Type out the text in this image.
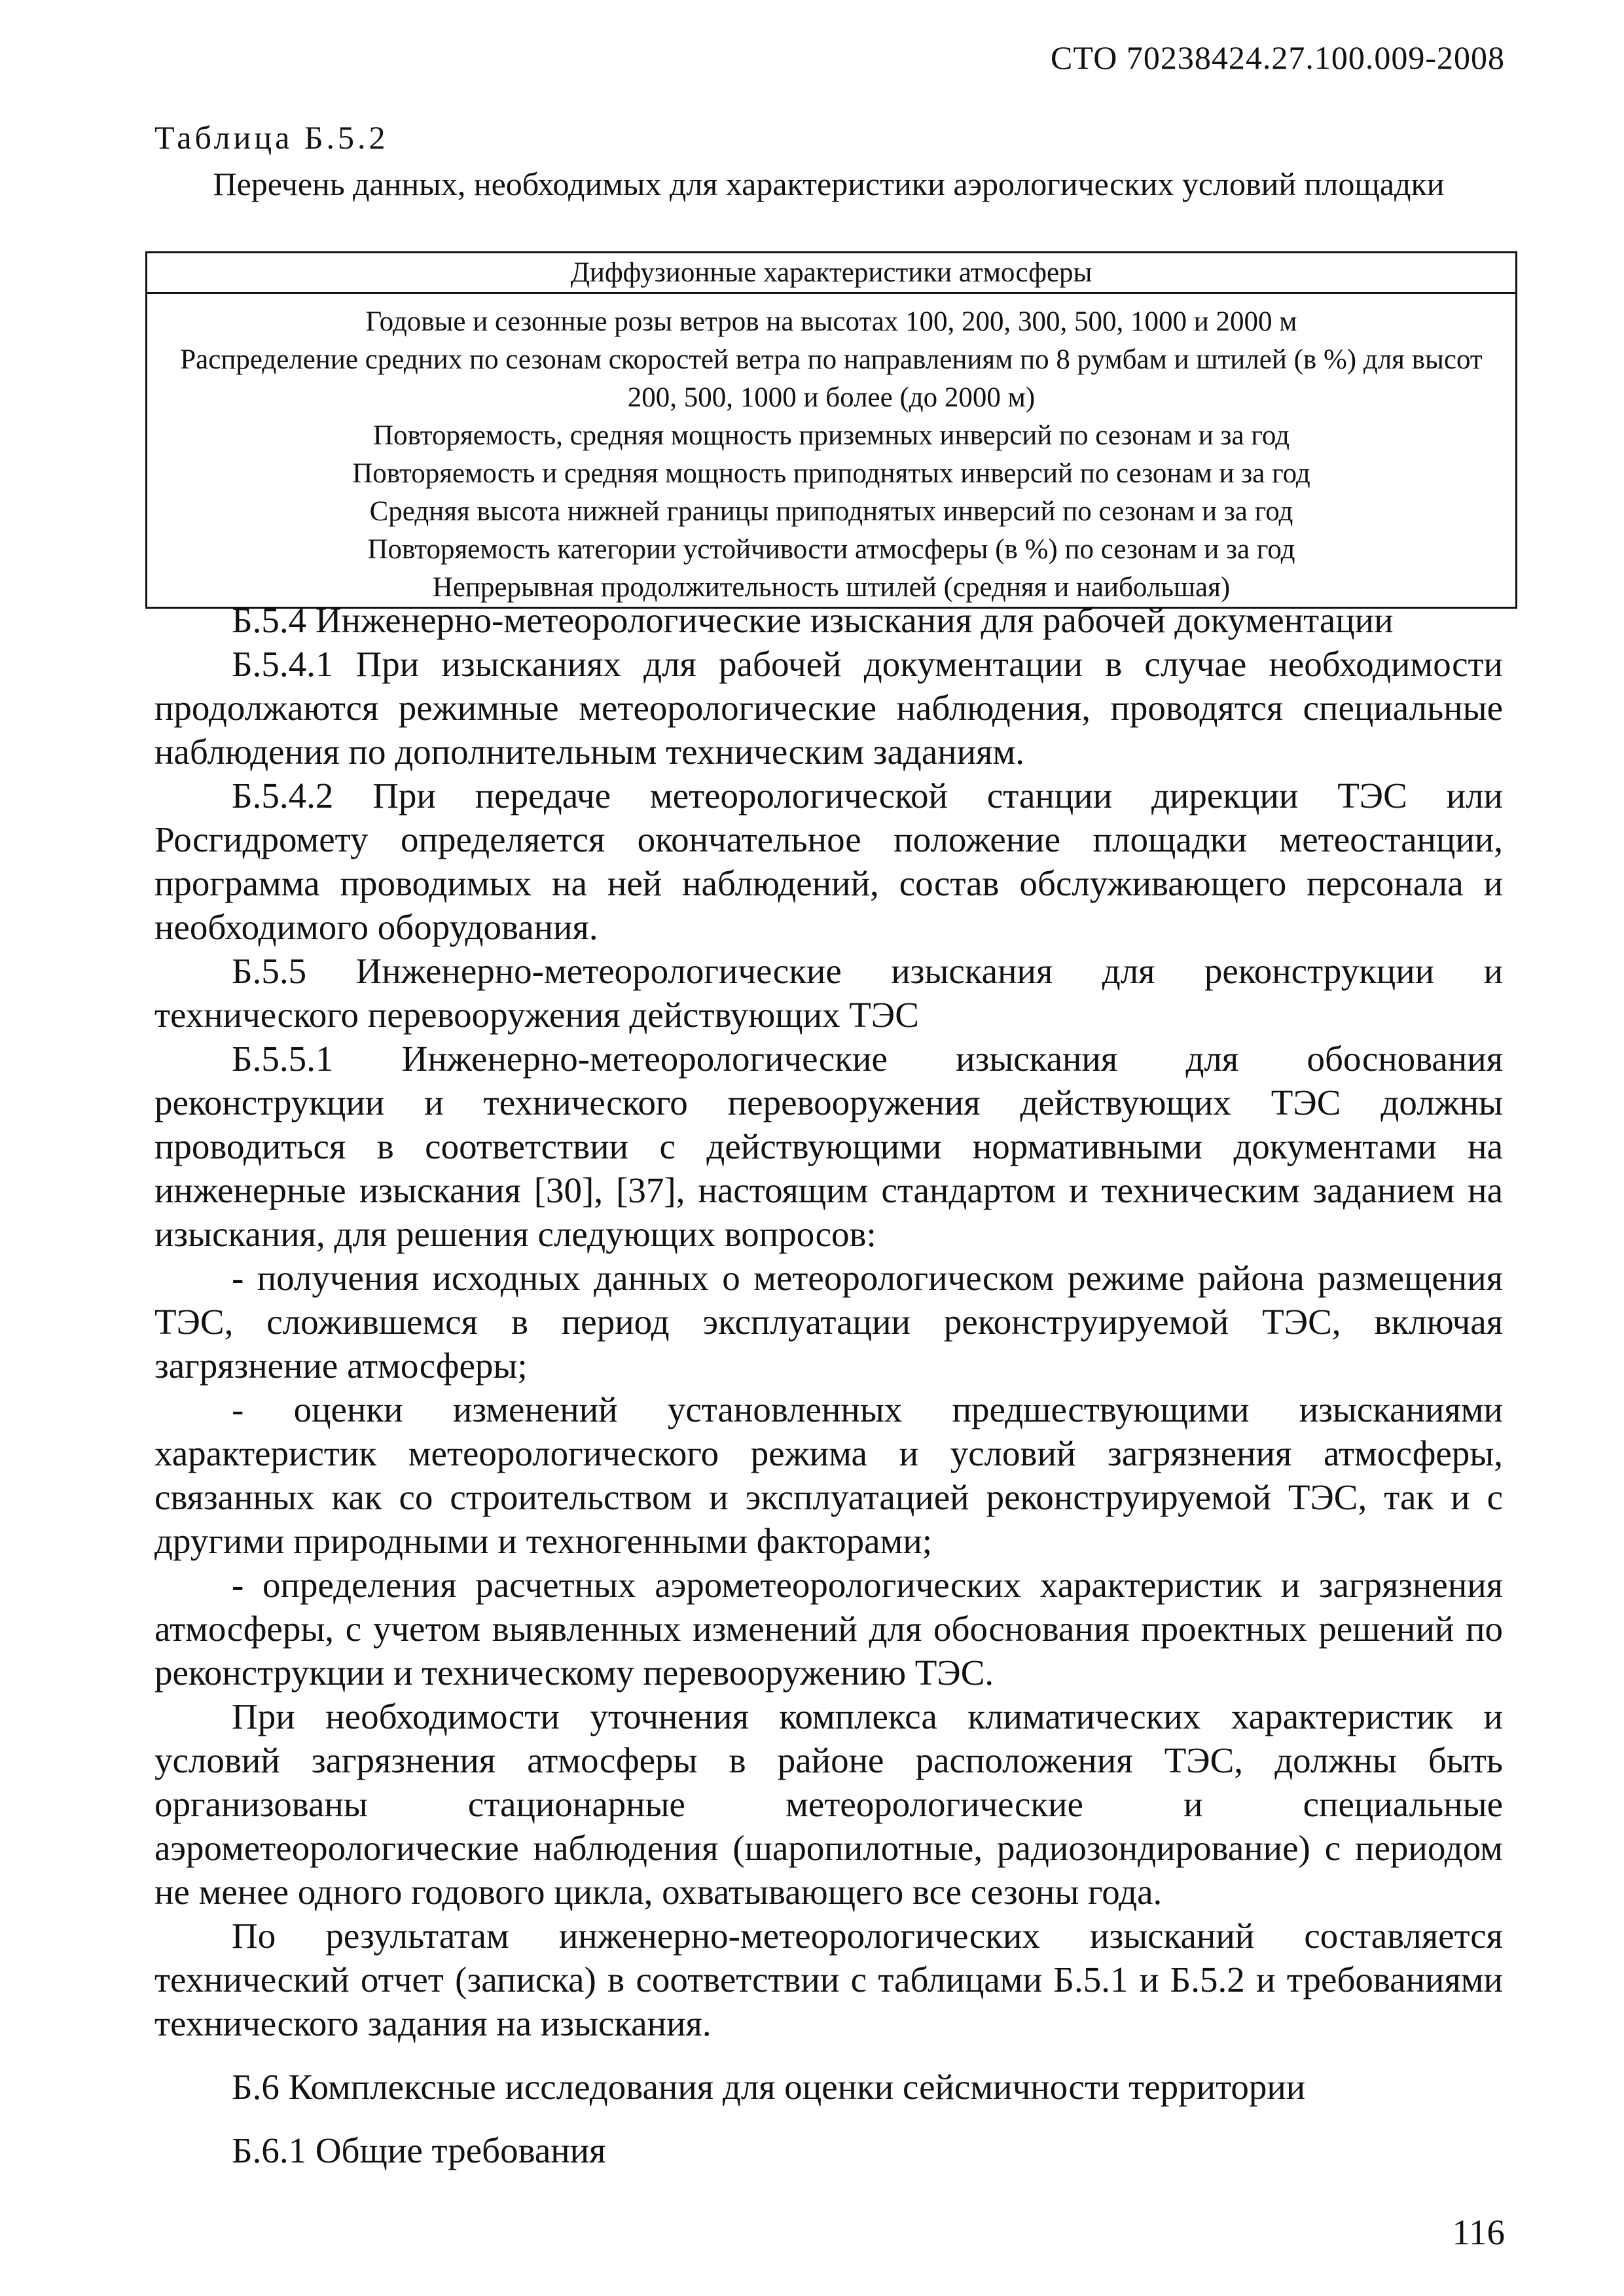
СТО 70238424.27.100.009-2008
Таблица Б.5.2
Перечень данных, необходимых для характеристики аэрологических условий площадки
Диффузионные характеристики атмосферы
Годовые и сезонные розы ветров на высотах 100, 200, 300, 500, 1000 и 2000 м
Распределение средних по сезонам скоростей ветра по направлениям по 8 румбам и штилей (в %) для высот 200, 500, 1000 и более (до 2000 м)
Повторяемость, средняя мощность приземных инверсий по сезонам и за год
Повторяемость и средняя мощность приподнятых инверсий по сезонам и за год
Средняя высота нижней границы приподнятых инверсий по сезонам и за год
Повторяемость категории устойчивости атмосферы (в %) по сезонам и за год
Непрерывная продолжительность штилей (средняя и наибольшая)

Б.5.4 Инженерно-метеорологические изыскания для рабочей документации

Б.5.4.1 При изысканиях для рабочей документации в случае необходимости продолжаются режимные метеорологические наблюдения, проводятся специальные наблюдения по дополнительным техническим заданиям.

Б.5.4.2 При передаче метеорологической станции дирекции ТЭС или Росгидромету определяется окончательное положение площадки метеостанции, программа проводимых на ней наблюдений, состав обслуживающего персонала и необходимого оборудования.

Б.5.5 Инженерно-метеорологические изыскания для реконструкции и технического перевооружения действующих ТЭС

Б.5.5.1 Инженерно-метеорологические изыскания для обоснования реконструкции и технического перевооружения действующих ТЭС должны проводиться в соответствии с действующими нормативными документами на инженерные изыскания [30], [37], настоящим стандартом и техническим заданием на изыскания, для решения следующих вопросов:

- получения исходных данных о метеорологическом режиме района размещения ТЭС, сложившемся в период эксплуатации реконструируемой ТЭС, включая загрязнение атмосферы;

- оценки изменений установленных предшествующими изысканиями характеристик метеорологического режима и условий загрязнения атмосферы, связанных как со строительством и эксплуатацией реконструируемой ТЭС, так и с другими природными и техногенными факторами;

- определения расчетных аэрометеорологических характеристик и загрязнения атмосферы, с учетом выявленных изменений для обоснования проектных решений по реконструкции и техническому перевооружению ТЭС.

При необходимости уточнения комплекса климатических характеристик и условий загрязнения атмосферы в районе расположения ТЭС, должны быть организованы стационарные метеорологические и специальные аэрометеорологические наблюдения (шаропилотные, радиозондирование) с периодом не менее одного годового цикла, охватывающего все сезоны года.

По результатам инженерно-метеорологических изысканий составляется технический отчет (записка) в соответствии с таблицами Б.5.1 и Б.5.2 и требованиями технического задания на изыскания.

Б.6 Комплексные исследования для оценки сейсмичности территории

Б.6.1 Общие требования

116
